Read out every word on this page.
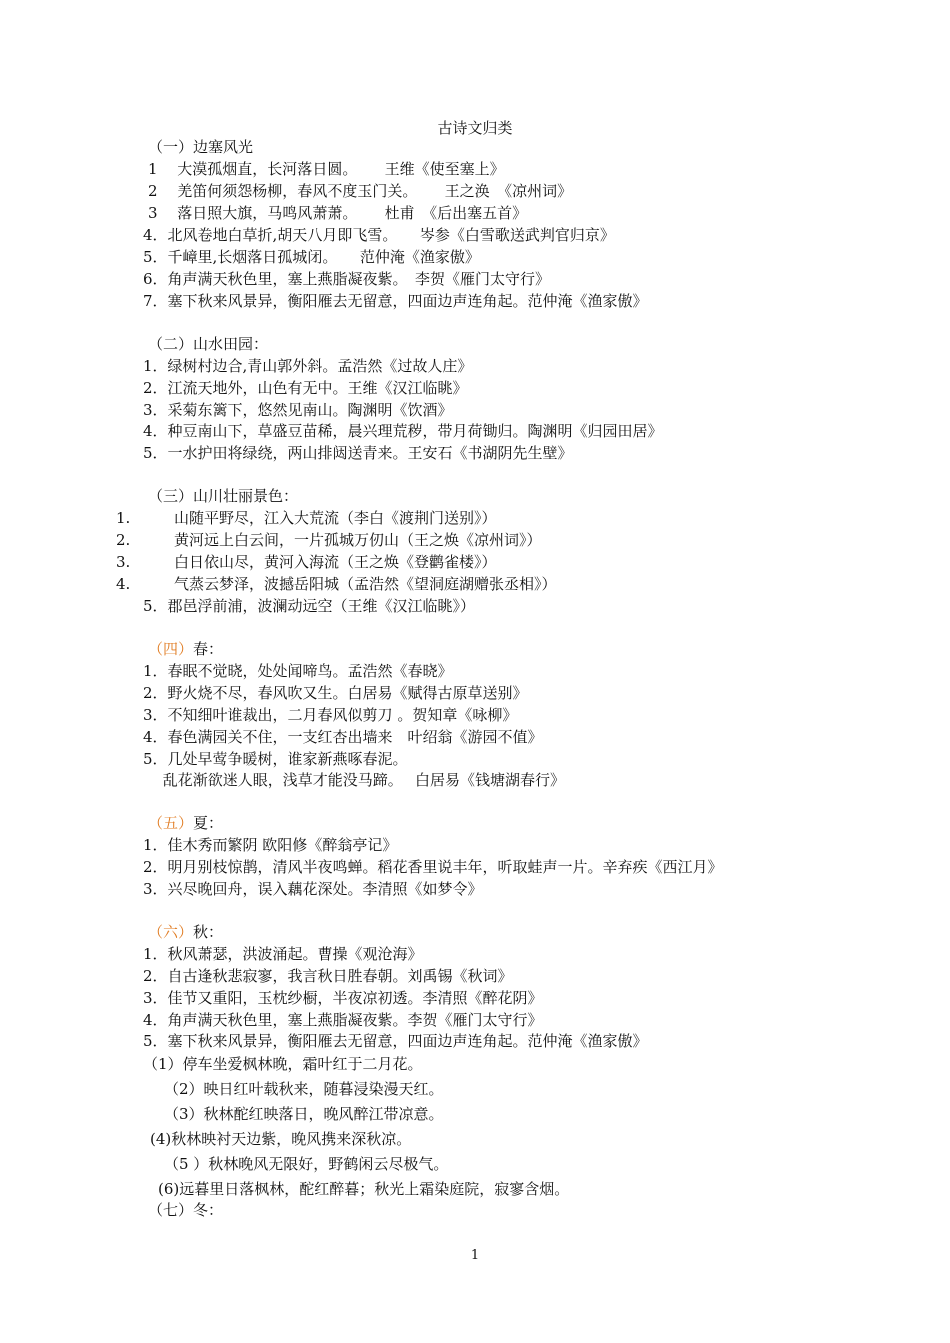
古诗文归类
（一）边塞风光
1　 大漠孤烟直，长河落日圆。　　 王维《使至塞上》
2　 羌笛何须怨杨柳，春风不度玉门关。　　 王之涣　《凉州词》
3　 落日照大旗，马鸣风萧萧。　　 杜甫　《后出塞五首》
4．北风卷地白草折,胡天八月即飞雪。　　岑参《白雪歌送武判官归京》
5．千嶂里,长烟落日孤城闭。　　范仲淹《渔家傲》
6．角声满天秋色里，塞上燕脂凝夜紫。　李贺《雁门太守行》
7．塞下秋来风景异，衡阳雁去无留意，四面边声连角起。范仲淹《渔家傲》
（二）山水田园：
1．绿树村边合,青山郭外斜。孟浩然《过故人庄》
2．江流天地外，山色有无中。王维《汉江临眺》
3．采菊东篱下，悠然见南山。陶渊明《饮酒》
4．种豆南山下，草盛豆苗稀，晨兴理荒秽，带月荷锄归。陶渊明《归园田居》
5．一水护田将绿绕，两山排闼送青来。王安石《书湖阴先生壁》
（三）山川壮丽景色：
1.	山随平野尽，江入大荒流（李白《渡荆门送别》）
2.	黄河远上白云间，一片孤城万仞山（王之焕《凉州词》）
3.	白日依山尽，黄河入海流（王之焕《登鹳雀楼》）
4.	气蒸云梦泽，波撼岳阳城（孟浩然《望洞庭湖赠张丞相》）
5．郡邑浮前浦，波澜动远空（王维《汉江临眺》）
（四）春：
1．春眠不觉晓，处处闻啼鸟。孟浩然《春晓》
2．野火烧不尽，春风吹又生。白居易《赋得古原草送别》
3．不知细叶谁裁出，二月春风似剪刀 。贺知章《咏柳》
4．春色满园关不住，一支红杏出墙来　叶绍翁《游园不值》
5．几处早莺争暖树，谁家新燕啄春泥。
　 乱花渐欲迷人眼，浅草才能没马蹄。　 白居易《钱塘湖春行》
（五）夏：
1．佳木秀而繁阴 欧阳修《醉翁亭记》
2．明月别枝惊鹊，清风半夜鸣蝉。稻花香里说丰年，听取蛙声一片。辛弃疾《西江月》
3．兴尽晚回舟，误入藕花深处。李清照《如梦令》
（六）秋：
1．秋风萧瑟，洪波涌起。曹操《观沧海》
2．自古逢秋悲寂寥，我言秋日胜春朝。刘禹锡《秋词》
3．佳节又重阳，玉枕纱橱，半夜凉初透。李清照《醉花阴》
4．角声满天秋色里，塞上燕脂凝夜紫。李贺《雁门太守行》
5．塞下秋来风景异，衡阳雁去无留意，四面边声连角起。范仲淹《渔家傲》
（1）停车坐爱枫林晚，霜叶红于二月花。
（2）映日红叶载秋来，随暮浸染漫天红。
（3）秋林酡红映落日，晚风醉江带凉意。
(4)秋林映衬天边紫，晚风携来深秋凉。
（5 ）秋林晚风无限好，野鹤闲云尽极气。
(6)远暮里日落枫林，酡红醉暮；秋光上霜染庭院，寂寥含烟。
（七）冬：
1
